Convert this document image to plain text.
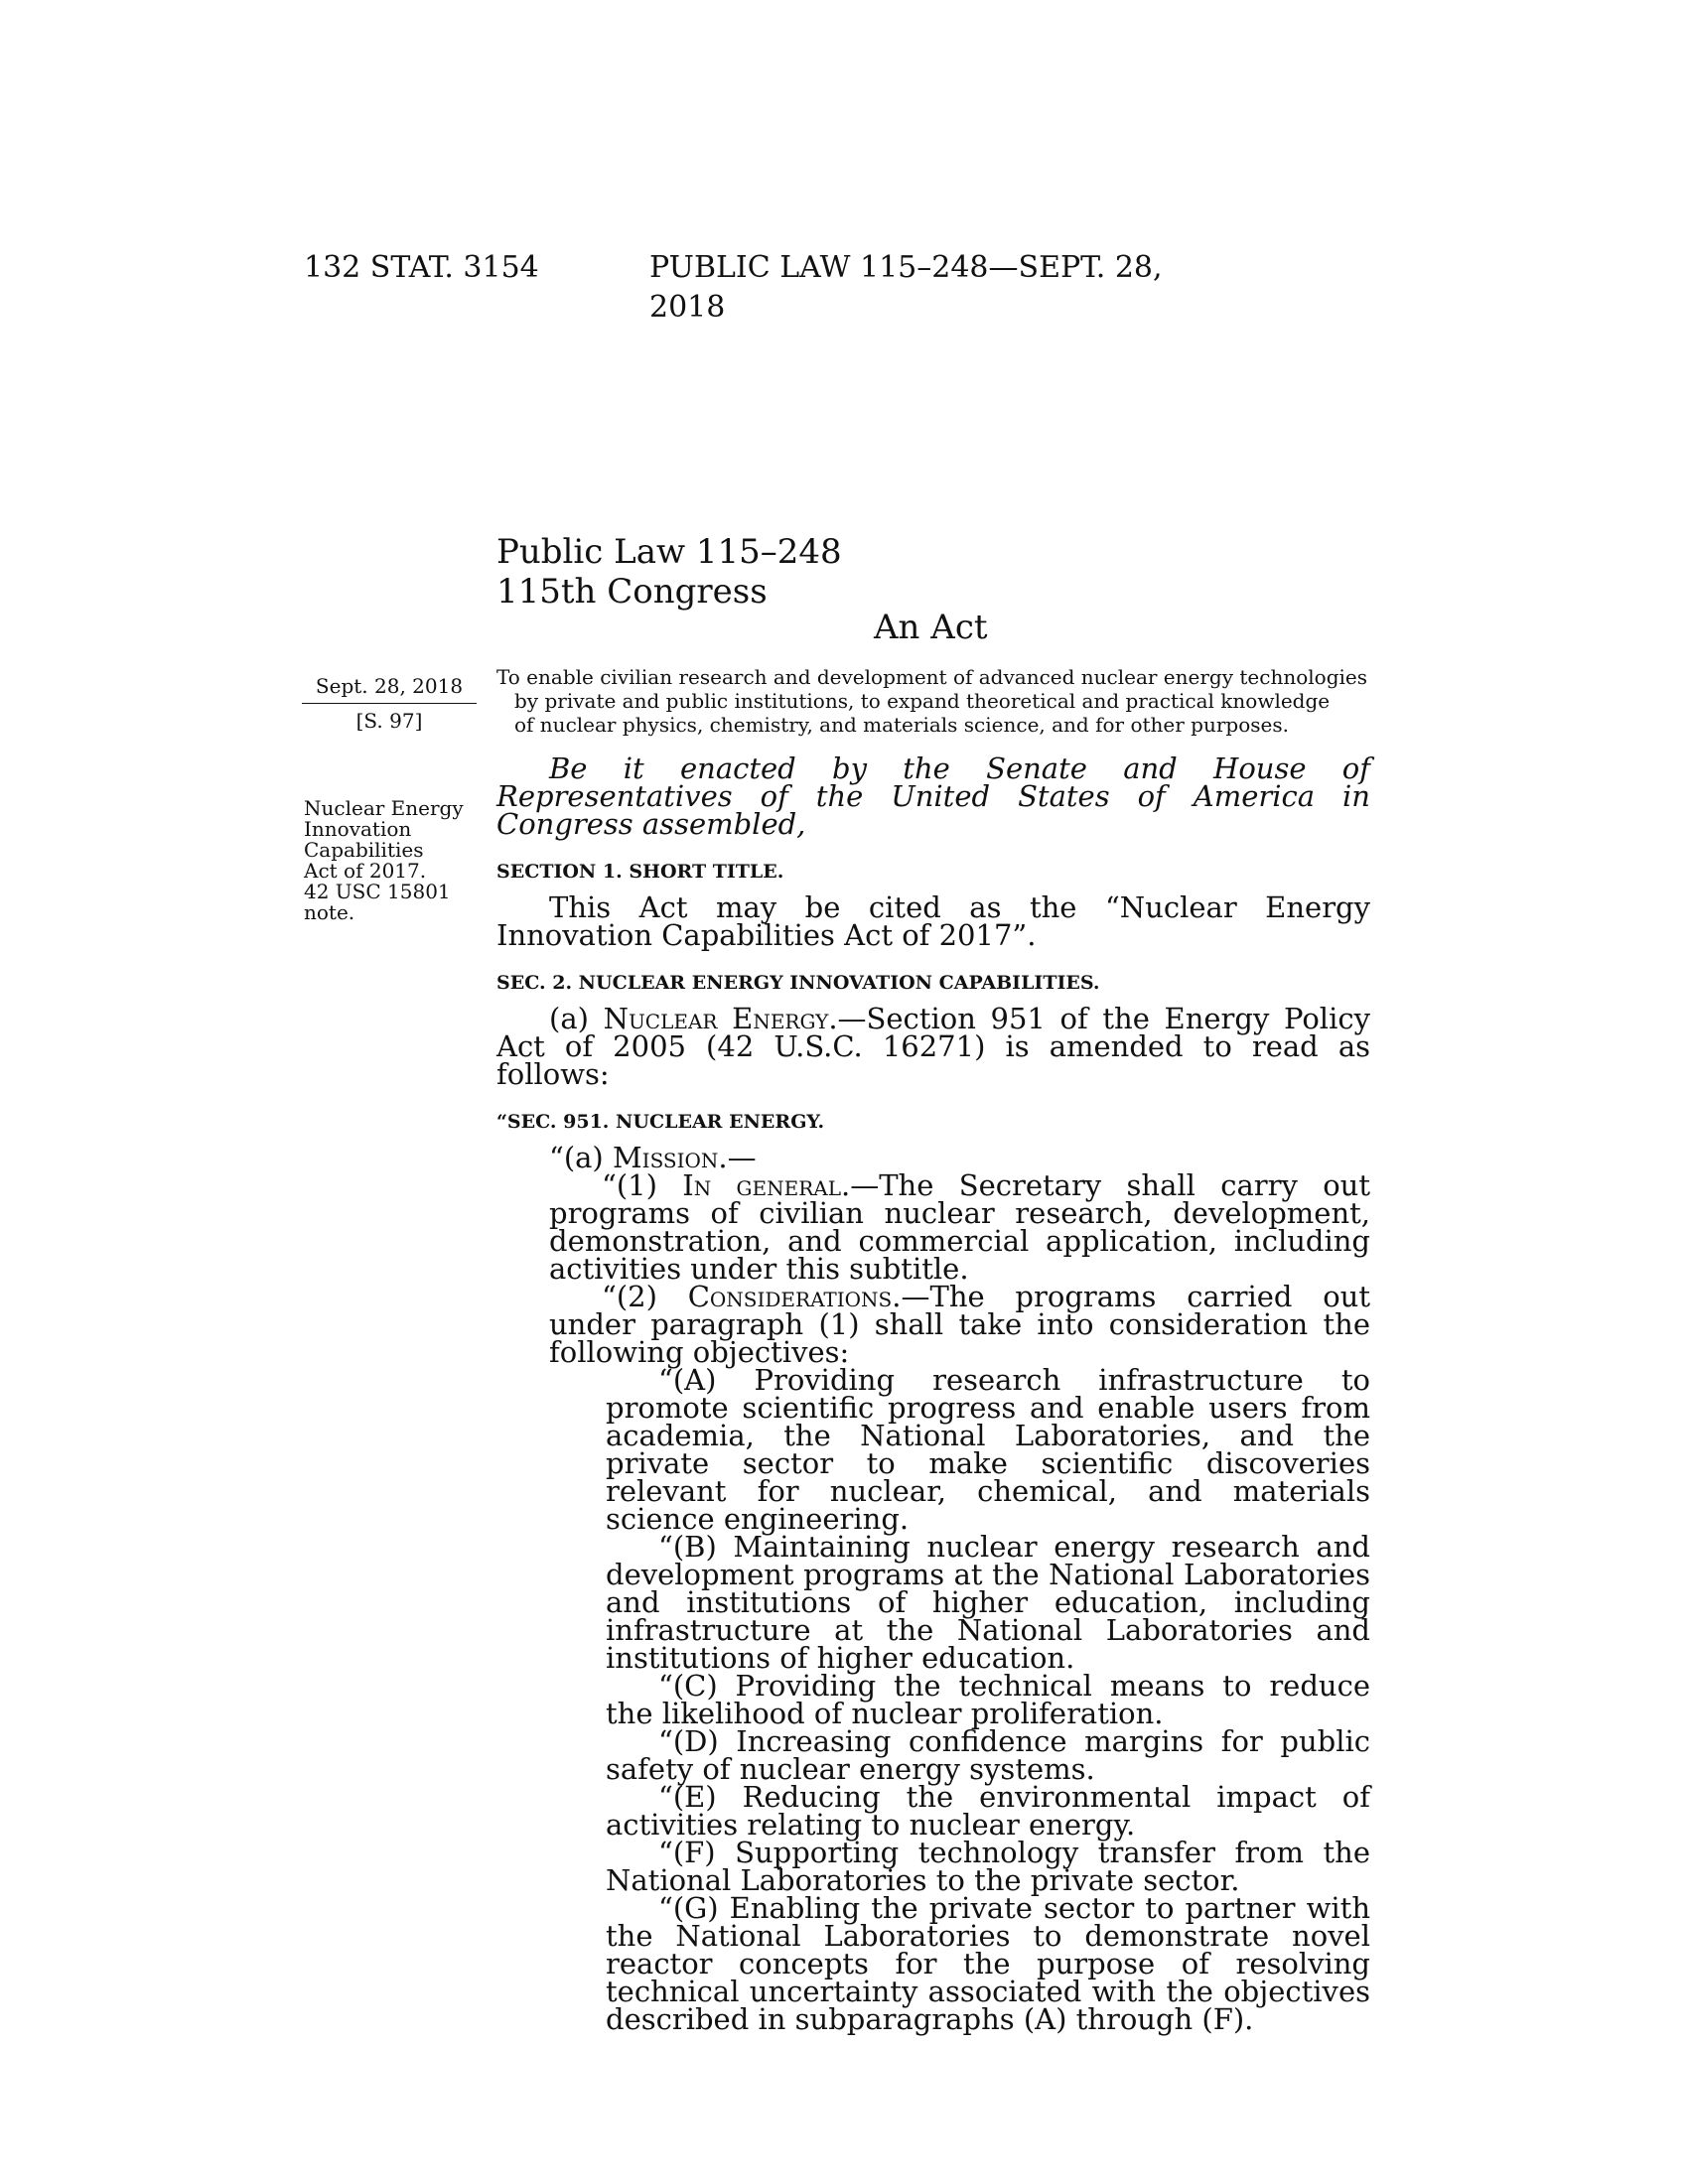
132 STAT. 3154	PUBLIC LAW 115–248—SEPT. 28, 2018
Public Law 115–248
115th Congress
An Act
Sept. 28, 2018
[S. 97]
Nuclear Energy
Innovation
Capabilities
Act of 2017.
42 USC 15801
note.
To enable civilian research and development of advanced nuclear energy technologies
by private and public institutions, to expand theoretical and practical knowledge
of nuclear physics, chemistry, and materials science, and for other purposes.

Be it enacted by the Senate and House of Representatives of the United States of America in Congress assembled,

SECTION 1. SHORT TITLE.

This Act may be cited as the “Nuclear Energy Innovation Capabilities Act of 2017”.

SEC. 2. NUCLEAR ENERGY INNOVATION CAPABILITIES.

(a) Nuclear Energy.—Section 951 of the Energy Policy Act of 2005 (42 U.S.C. 16271) is amended to read as follows:

“SEC. 951. NUCLEAR ENERGY.

“(a) Mission.—

“(1) In general.—The Secretary shall carry out programs of civilian nuclear research, development, demonstration, and commercial application, including activities under this subtitle.

“(2) Considerations.—The programs carried out under paragraph (1) shall take into consideration the following objectives:

“(A) Providing research infrastructure to promote scientific progress and enable users from academia, the National Laboratories, and the private sector to make scientific discoveries relevant for nuclear, chemical, and materials science engineering.

“(B) Maintaining nuclear energy research and development programs at the National Laboratories and institutions of higher education, including infrastructure at the National Laboratories and institutions of higher education.

“(C) Providing the technical means to reduce the likelihood of nuclear proliferation.

“(D) Increasing confidence margins for public safety of nuclear energy systems.

“(E) Reducing the environmental impact of activities relating to nuclear energy.

“(F) Supporting technology transfer from the National Laboratories to the private sector.

“(G) Enabling the private sector to partner with the National Laboratories to demonstrate novel reactor concepts for the purpose of resolving technical uncertainty associated with the objectives described in subparagraphs (A) through (F).
